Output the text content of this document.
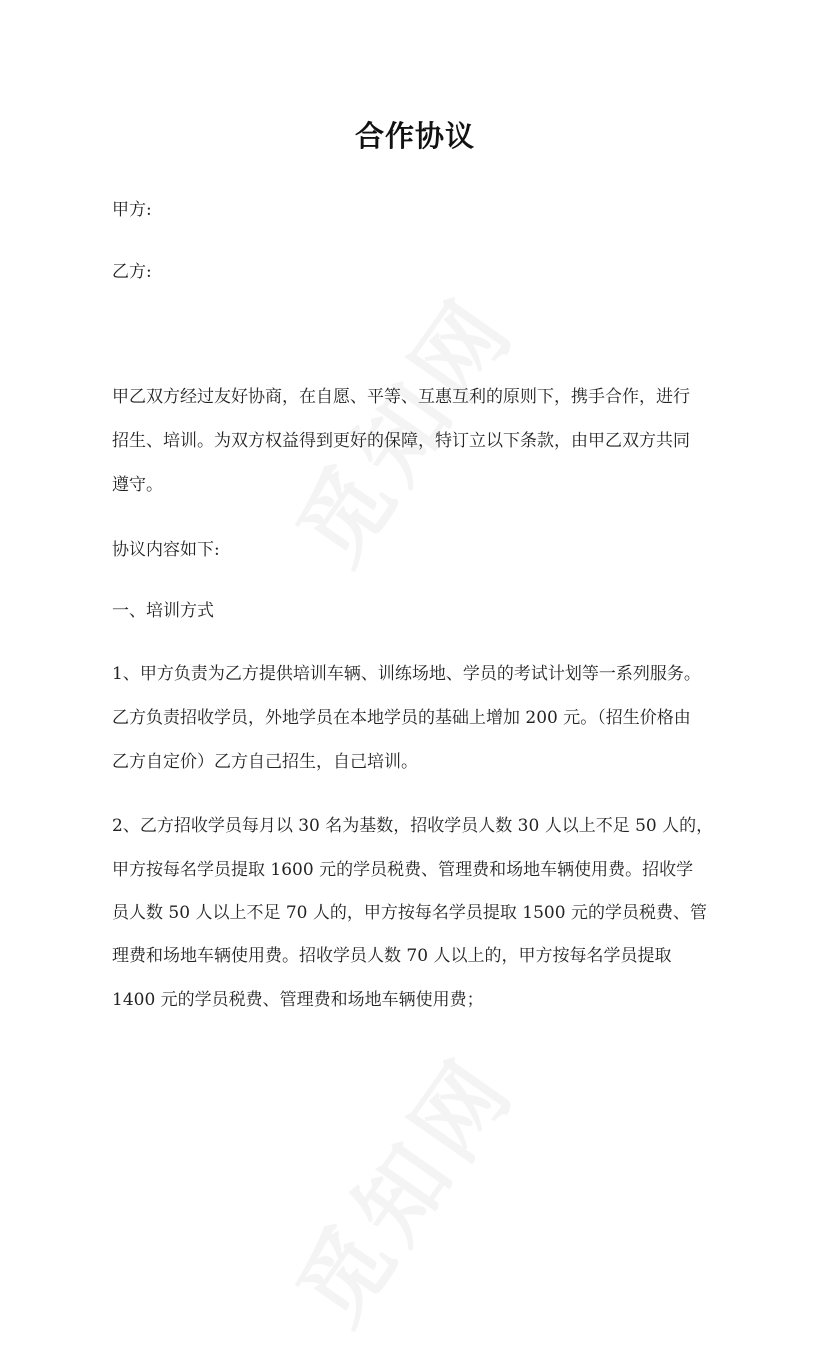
合作协议
甲方:
乙方:
甲乙双方经过友好协商，在自愿、平等、互惠互利的原则下，携手合作，进行
招生、培训。为双方权益得到更好的保障，特订立以下条款，由甲乙双方共同
遵守。
协议内容如下:
一、培训方式
1、甲方负责为乙方提供培训车辆、训练场地、学员的考试计划等一系列服务。
乙方负责招收学员，外地学员在本地学员的基础上增加 200 元。（招生价格由
乙方自定价）乙方自己招生，自己培训。
2、乙方招收学员每月以 30 名为基数，招收学员人数 30 人以上不足 50 人的，
甲方按每名学员提取 1600 元的学员税费、管理费和场地车辆使用费。招收学
员人数 50 人以上不足 70 人的，甲方按每名学员提取 1500 元的学员税费、管
理费和场地车辆使用费。招收学员人数 70 人以上的，甲方按每名学员提取
1400 元的学员税费、管理费和场地车辆使用费；
